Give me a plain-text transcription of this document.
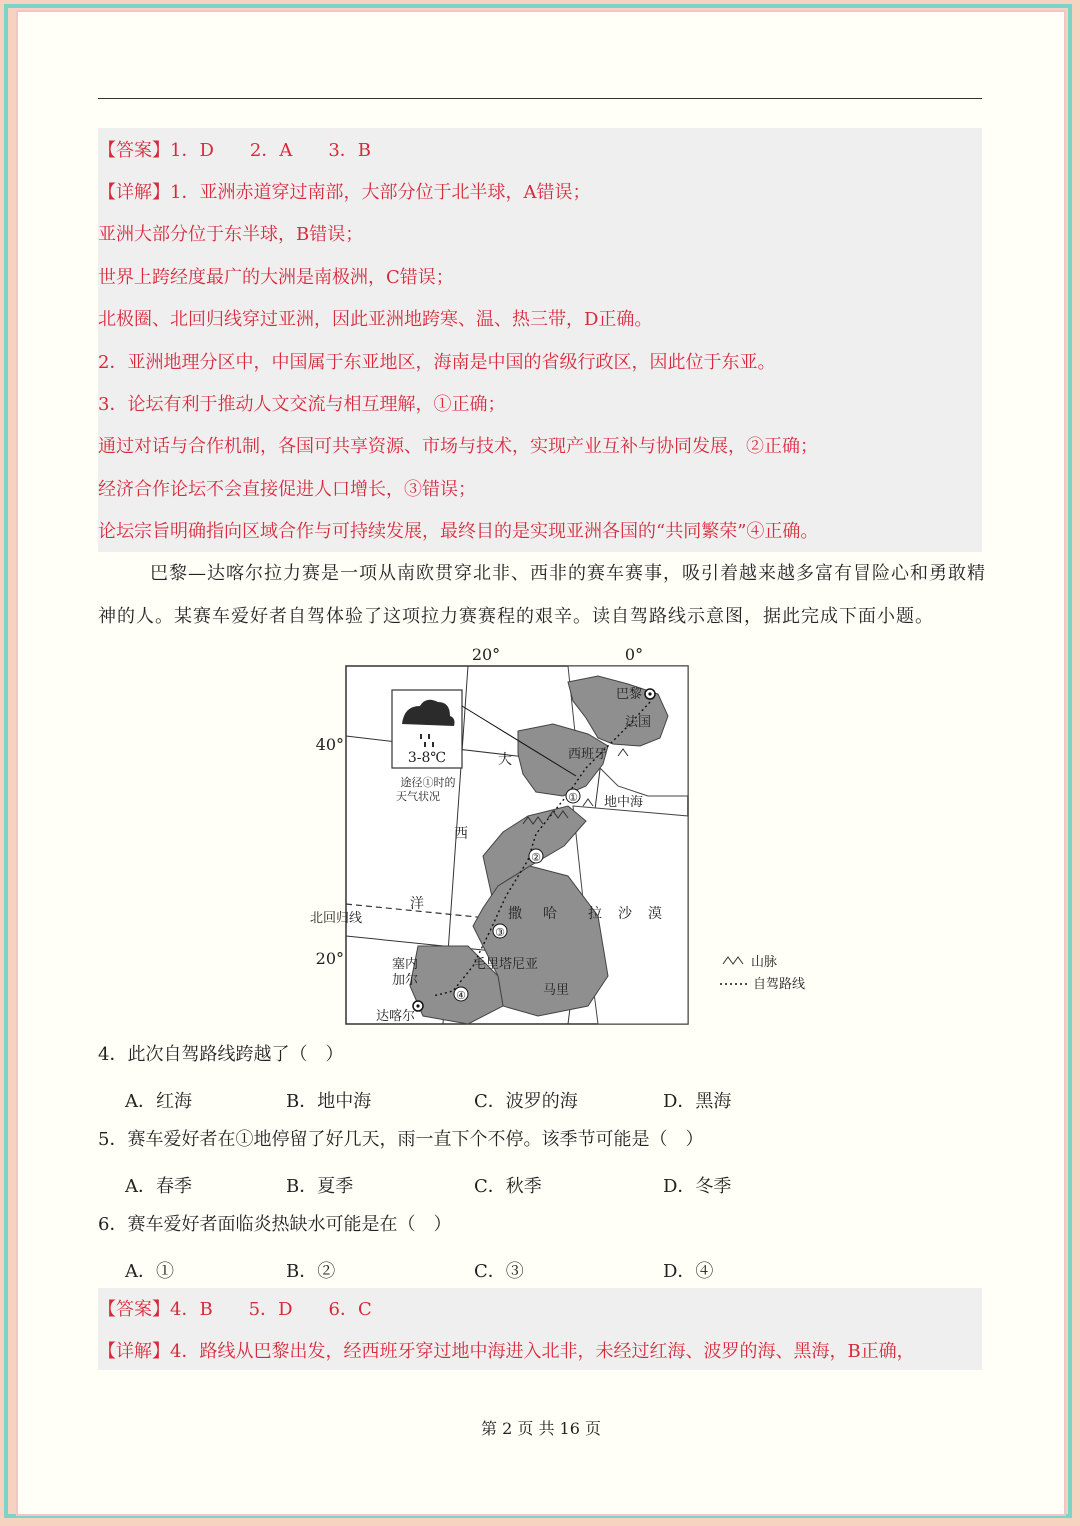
【答案】1．D　　2．A　　3．B
【详解】1．亚洲赤道穿过南部，大部分位于北半球，A错误；
亚洲大部分位于东半球，B错误；
世界上跨经度最广的大洲是南极洲，C错误；
北极圈、北回归线穿过亚洲，因此亚洲地跨寒、温、热三带，D正确。
2．亚洲地理分区中，中国属于东亚地区，海南是中国的省级行政区，因此位于东亚。
3．论坛有利于推动人文交流与相互理解，①正确；
通过对话与合作机制，各国可共享资源、市场与技术，实现产业互补与协同发展，②正确；
经济合作论坛不会直接促进人口增长，③错误；
论坛宗旨明确指向区域合作与可持续发展，最终目的是实现亚洲各国的“共同繁荣”④正确。
巴黎—达喀尔拉力赛是一项从南欧贯穿北非、西非的赛车赛事，吸引着越来越多富有冒险心和勇敢精
神的人。某赛车爱好者自驾体验了这项拉力赛赛程的艰辛。读自驾路线示意图，据此完成下面小题。
①
②
③
④
3-8℃
途径①时的
天气状况
20°	0°
40°
20°
北回归线
大
西
洋
撒 哈 拉 沙 漠
巴黎
法国
西班牙
地中海
毛里塔尼亚
塞内
加尔
马里
达喀尔
山脉
自驾路线
4．此次自驾路线跨越了（　）
A．红海	B．地中海	C．波罗的海	D．黑海
5．赛车爱好者在①地停留了好几天，雨一直下个不停。该季节可能是（　）
A．春季	B．夏季	C．秋季	D．冬季
6．赛车爱好者面临炎热缺水可能是在（　）
A．①	B．②	C．③	D．④
【答案】4．B　　5．D　　6．C
【详解】4．路线从巴黎出发，经西班牙穿过地中海进入北非，未经过红海、波罗的海、黑海，B正确，
第 2 页 共 16 页
